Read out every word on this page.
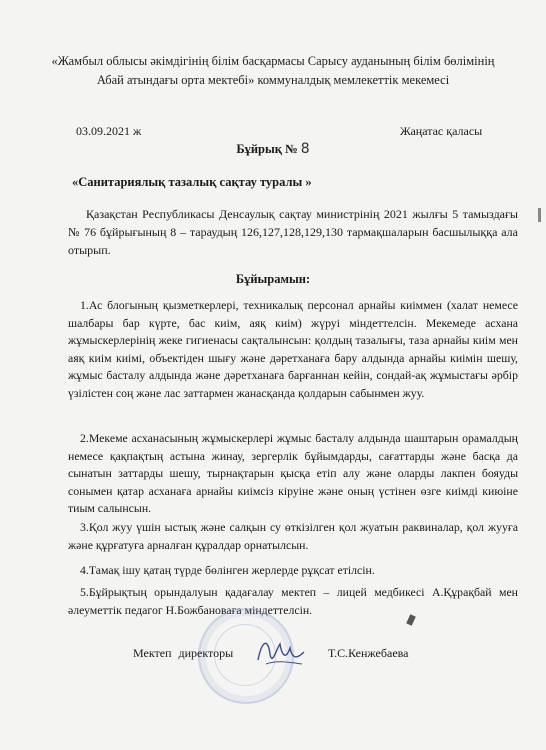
«Жамбыл облысы әкімдігінің білім басқармасы Сарысу ауданының білім бөлімінің
Абай атындағы орта мектебі» коммуналдық мемлекеттік мекемесі
03.09.2021 ж	Жаңатас қаласы
Бұйрық № 8
«Санитариялық тазалық сақтау туралы »
Қазақстан Республикасы Денсаулық сақтау министрінің 2021 жылғы 5 тамыздағы № 76 бұйрығының 8 – тараудың 126,127,128,129,130 тармақшаларын басшылыққа ала отырып.
Бұйырамын:
1.Ас блогының қызметкерлері, техникалық персонал арнайы киіммен (халат немесе шалбары бар күрте, бас киім, аяқ киім) жүруі міндеттелсін. Мекемеде асхана жұмыскерлерінің жеке гигиенасы сақталынсын: қолдың тазалығы, таза арнайы киім мен аяқ киім киімі, объектіден шығу және дәретханаға бару алдында арнайы киімін шешу, жұмыс басталу алдында және дәретханаға барғаннан кейін, сондай-ақ жұмыстағы әрбір үзілістен соң және лас заттармен жанасқанда қолдарын сабынмен жуу.
2.Мекеме асханасының жұмыскерлері жұмыс басталу алдында шаштарын орамалдың немесе қақпақтың астына жинау, зергерлік бұйымдарды, сағаттарды және басқа да сынатын заттарды шешу, тырнақтарын қысқа етіп алу және оларды лакпен бояуды сонымен қатар асханаға арнайы киімсіз кіруіне және оның үстінен өзге киімді киюіне тиым салынсын.
3.Қол жуу үшін ыстық және салқын су өткізілген қол жуатын раквиналар, қол жууға және құрғатуға арналған құралдар орнатылсын.
4.Тамақ ішу қатаң түрде бөлінген жерлерде рұқсат етілсін.
5.Бұйрықтың орындалуын қадағалау мектеп – лицей медбикесі А.Құрақбай мен әлеуметтік педагог Н.Божбановаға міндеттелсін.
Мектеп директоры	Т.С.Кенжебаева
